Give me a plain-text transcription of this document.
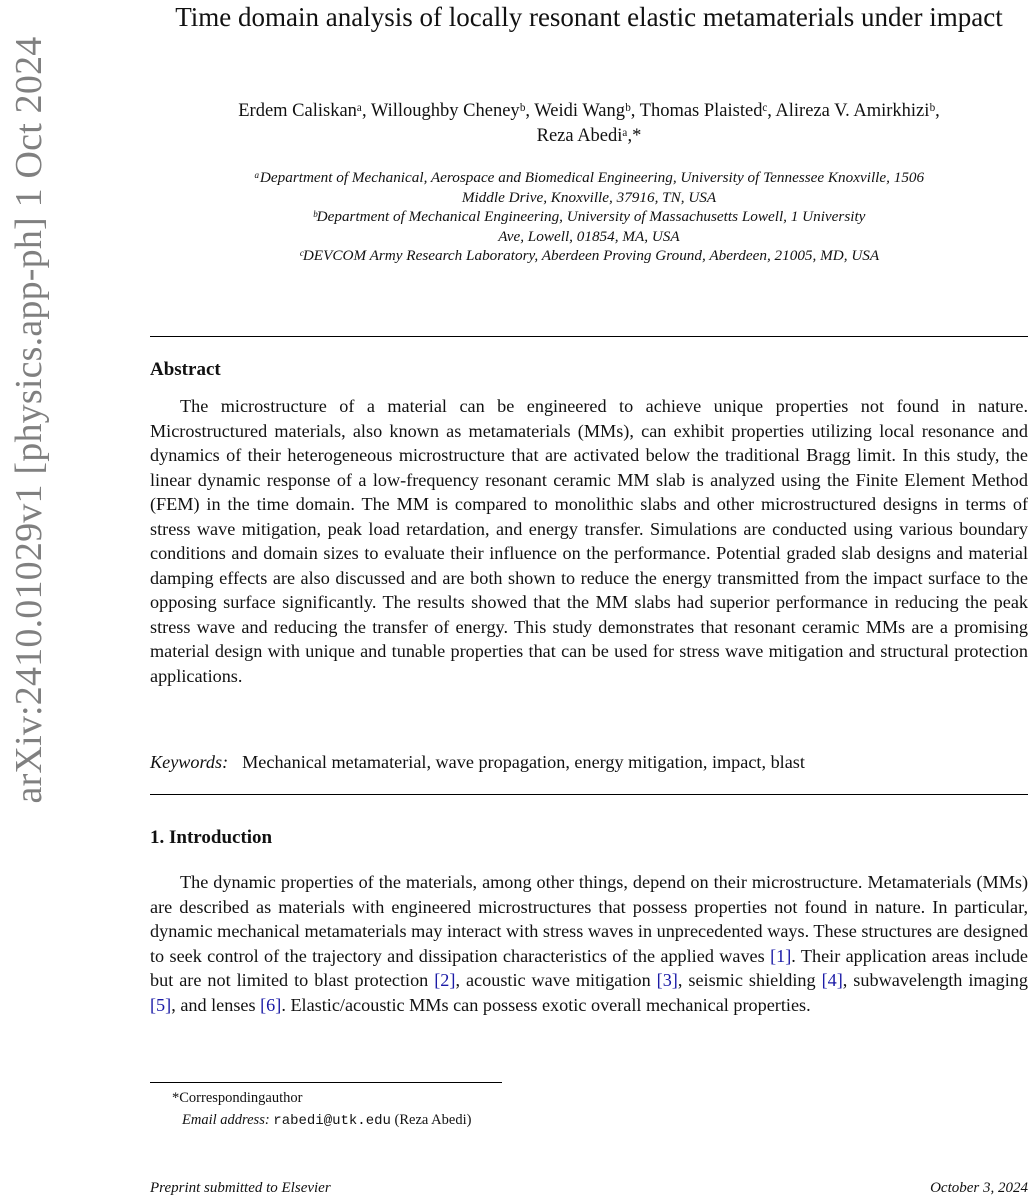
arXiv:2410.01029v1 [physics.app-ph] 1 Oct 2024
Time domain analysis of locally resonant elastic metamaterials under impact
Erdem Caliskanᵃ, Willoughby Cheneyᵇ, Weidi Wangᵇ, Thomas Plaistedᶜ, Alireza V. Amirkhiziᵇ,
Reza Abediᵃ,*
ᵃDepartment of Mechanical, Aerospace and Biomedical Engineering, University of Tennessee Knoxville, 1506
Middle Drive, Knoxville, 37916, TN, USA
ᵇDepartment of Mechanical Engineering, University of Massachusetts Lowell, 1 University
Ave, Lowell, 01854, MA, USA
ᶜDEVCOM Army Research Laboratory, Aberdeen Proving Ground, Aberdeen, 21005, MD, USA
Abstract

The microstructure of a material can be engineered to achieve unique properties not found in nature. Microstructured materials, also known as metamaterials (MMs), can exhibit properties utilizing local resonance and dynamics of their heterogeneous microstructure that are activated below the traditional Bragg limit. In this study, the linear dynamic response of a low-frequency resonant ceramic MM slab is analyzed using the Finite Element Method (FEM) in the time domain. The MM is compared to monolithic slabs and other microstructured designs in terms of stress wave mitigation, peak load retardation, and energy transfer. Simulations are conducted using various boundary conditions and domain sizes to evaluate their influence on the performance. Potential graded slab designs and material damping effects are also discussed and are both shown to reduce the energy transmitted from the impact surface to the opposing surface significantly. The results showed that the MM slabs had superior performance in reducing the peak stress wave and reducing the transfer of energy. This study demonstrates that resonant ceramic MMs are a promising material design with unique and tunable properties that can be used for stress wave mitigation and structural protection applications.

Keywords: Mechanical metamaterial, wave propagation, energy mitigation, impact, blast
1. Introduction

The dynamic properties of the materials, among other things, depend on their microstructure. Metamaterials (MMs) are described as materials with engineered microstructures that possess properties not found in nature. In particular, dynamic mechanical metamaterials may interact with stress waves in unprecedented ways. These structures are designed to seek control of the trajectory and dissipation characteristics of the applied waves [1]. Their application areas include but are not limited to blast protection [2], acoustic wave mitigation [3], seismic shielding [4], subwavelength imaging [5], and lenses [6]. Elastic/acoustic MMs can possess exotic overall mechanical properties.

*Correspondingauthor
Email address: rabedi@utk.edu (Reza Abedi)
Preprint submitted to Elsevier	October 3, 2024
